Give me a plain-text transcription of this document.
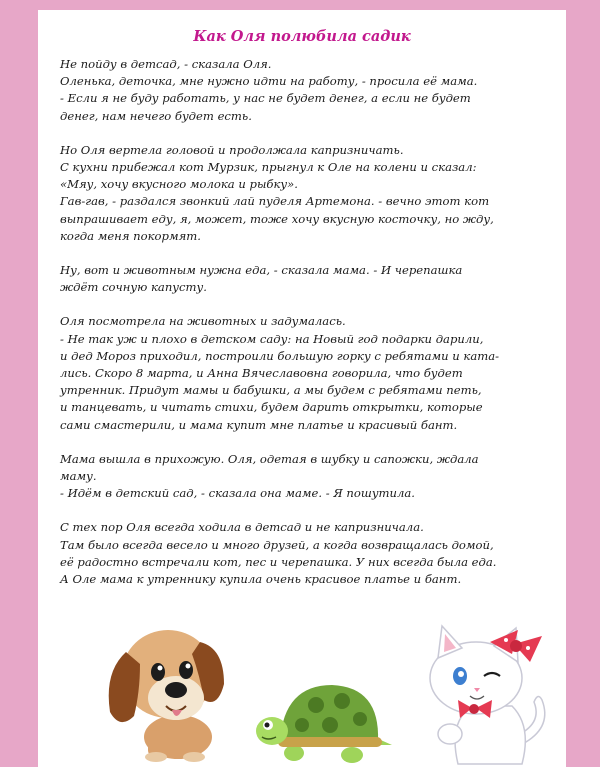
Как Оля полюбила садик

Не пойду в детсад, - сказала Оля.
Оленька, деточка, мне нужно идти на работу, - просила её мама.
- Если я не буду работать, у нас не будет денег, а если не будет
денег, нам нечего будет есть.

Но Оля вертела головой и продолжала капризничать.
С кухни прибежал кот Мурзик, прыгнул к Оле на колени и сказал:
«Мяу, хочу вкусного молока и рыбку».
Гав-гав, - раздался звонкий лай пуделя Артемона. - вечно этот кот
выпрашивает еду, я, может, тоже хочу вкусную косточку, но жду,
когда меня покормят.

Ну, вот и животным нужна еда, - сказала мама. - И черепашка
ждёт сочную капусту.

Оля посмотрела на животных и задумалась.
- Не так уж и плохо в детском саду: на Новый год подарки дарили,
и дед Мороз приходил, построили большую горку с ребятами и ката-
лись. Скоро 8 марта, и Анна Вячеславовна говорила, что будет
утренник. Придут мамы и бабушки, а мы будем с ребятами петь,
и танцевать, и читать стихи, будем дарить открытки, которые
сами смастерили, и мама купит мне платье и красивый бант.

Мама вышла в прихожую. Оля, одетая в шубку и сапожки, ждала
маму.
- Идём в детский сад, - сказала она маме. - Я пошутила.

С тех пор Оля всегда ходила в детсад и не капризничала.
Там было всегда весело и много друзей, а когда возвращалась домой,
её радостно встречали кот, пес и черепашка. У них всегда была еда.
А Оле мама к утреннику купила очень красивое платье и бант.
